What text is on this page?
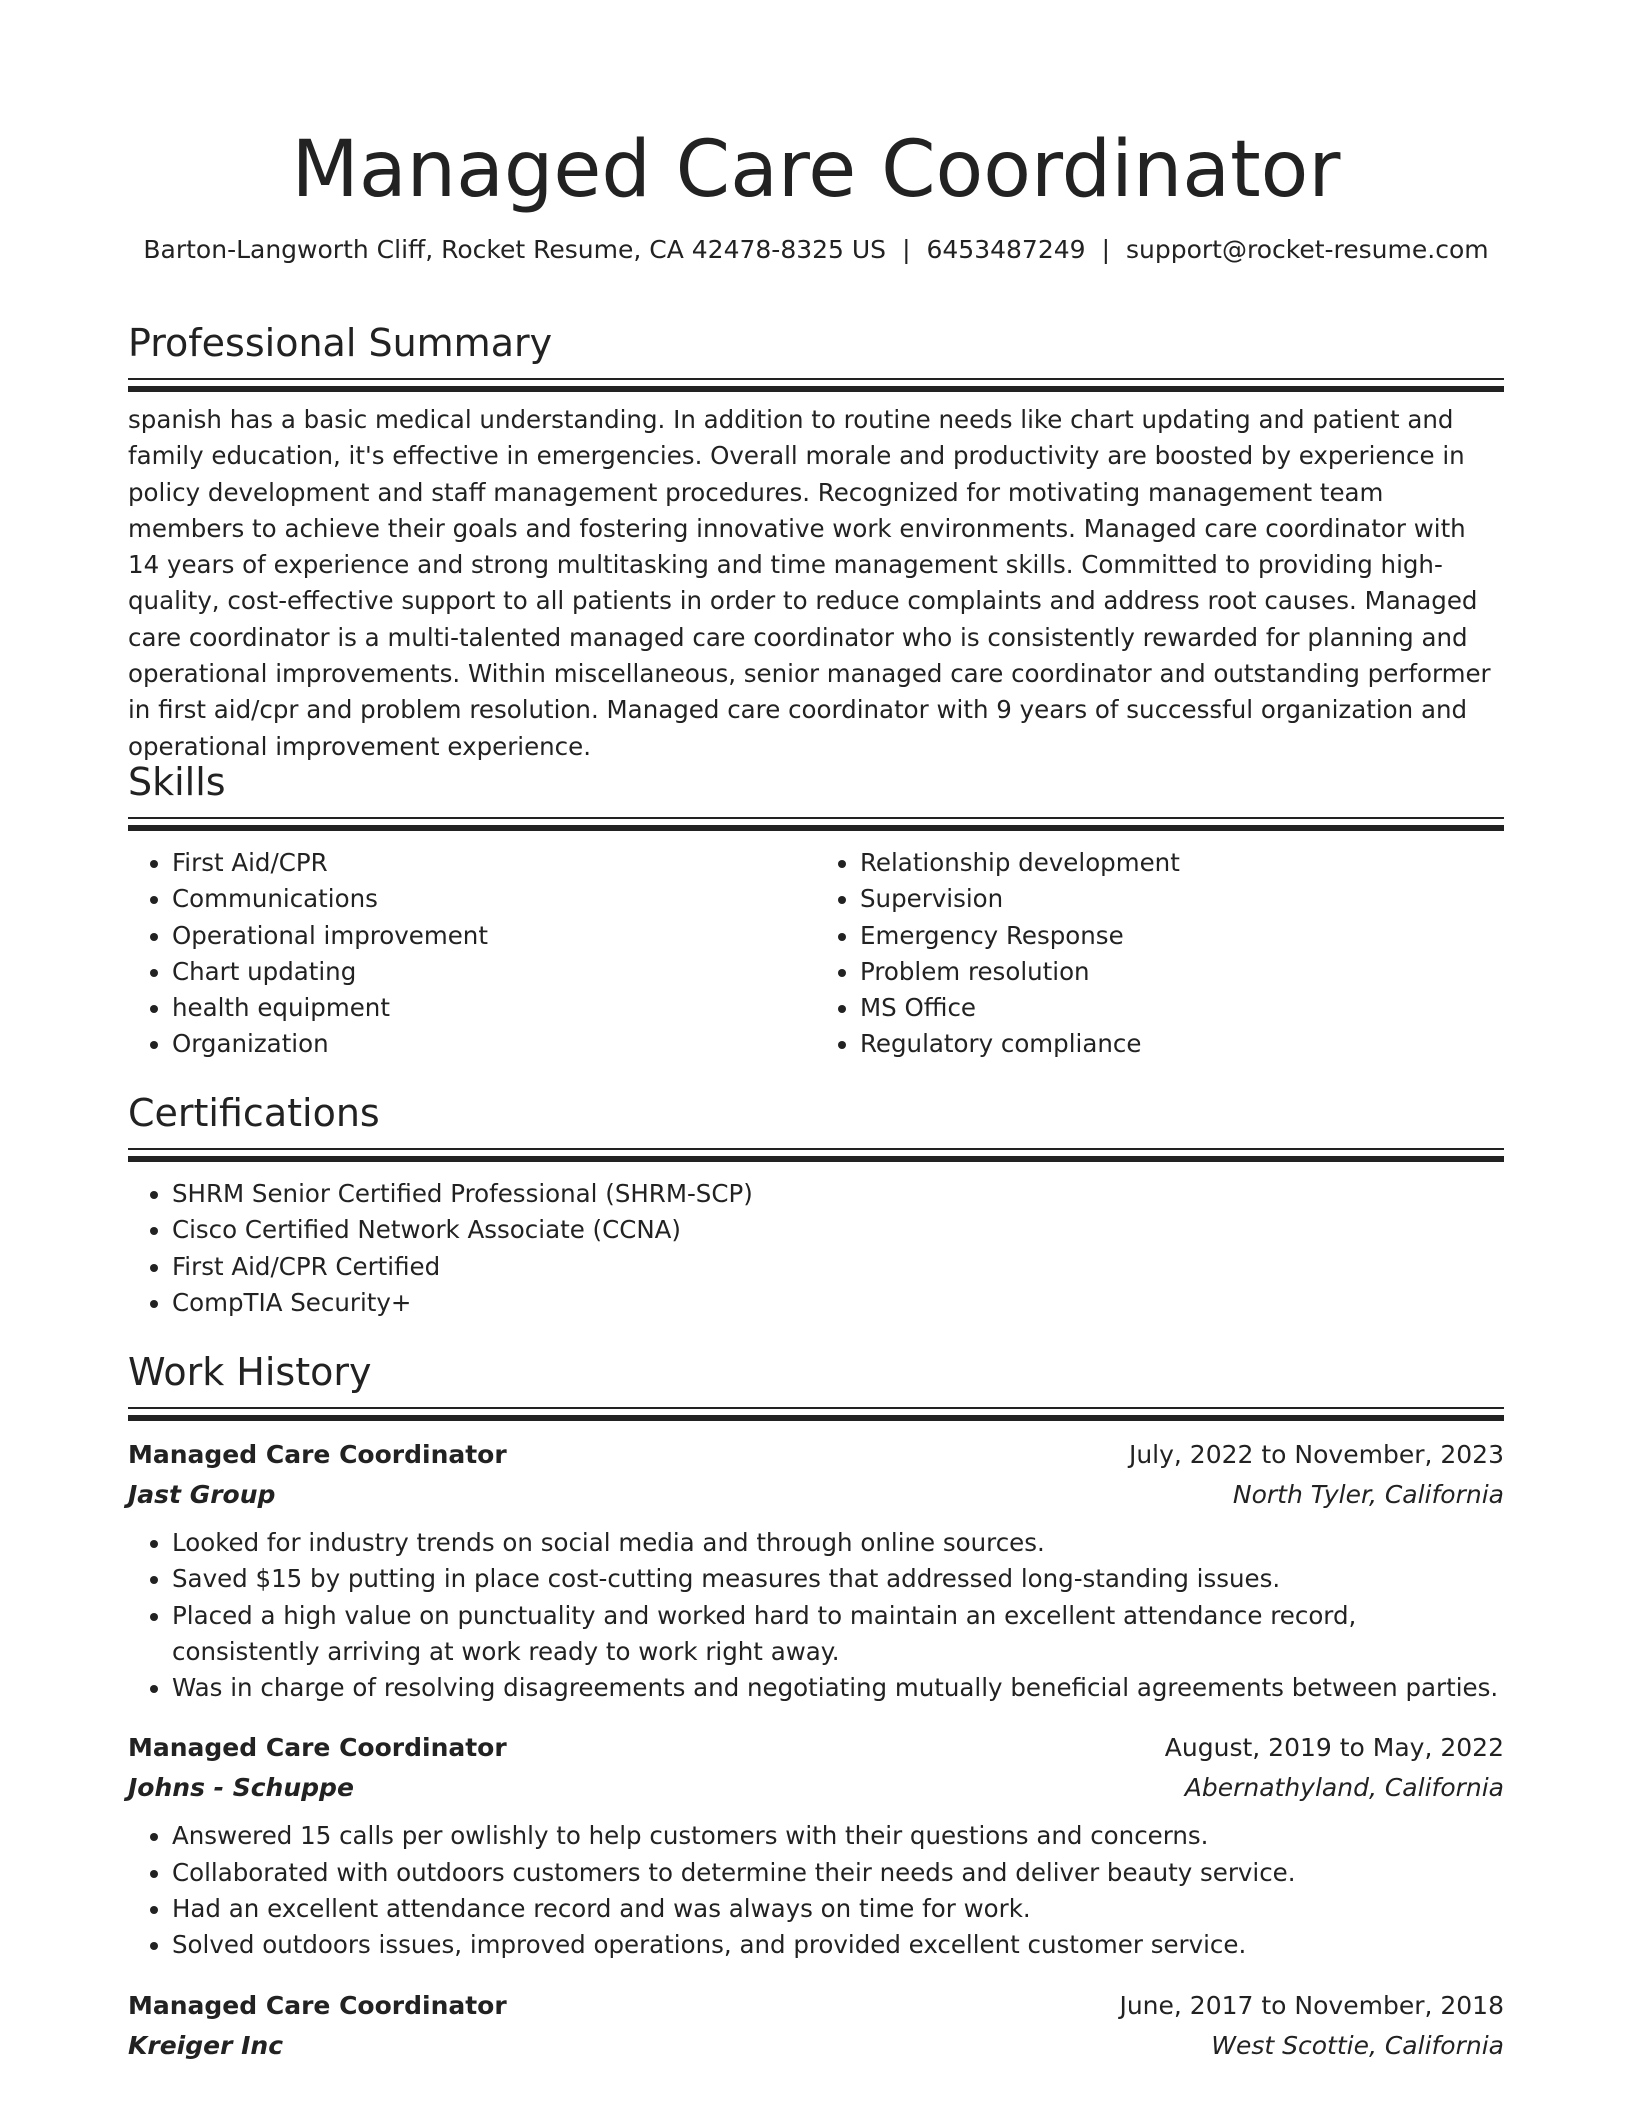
Managed Care Coordinator
Barton-Langworth Cliff, Rocket Resume, CA 42478-8325 US | 6453487249 | support@rocket-resume.com
Professional Summary

spanish has a basic medical understanding. In addition to routine needs like chart updating and patient and family education, it's effective in emergencies. Overall morale and productivity are boosted by experience in policy development and staff management procedures. Recognized for motivating management team members to achieve their goals and fostering innovative work environments. Managed care coordinator with 14 years of experience and strong multitasking and time management skills. Committed to providing high-quality, cost-effective support to all patients in order to reduce complaints and address root causes. Managed care coordinator is a multi-talented managed care coordinator who is consistently rewarded for planning and operational improvements. Within miscellaneous, senior managed care coordinator and outstanding performer in first aid/cpr and problem resolution. Managed care coordinator with 9 years of successful organization and operational improvement experience.

Skills
• First Aid/CPR
• Communications
• Operational improvement
• Chart updating
• health equipment
• Organization
• Relationship development
• Supervision
• Emergency Response
• Problem resolution
• MS Office
• Regulatory compliance
Certifications
• SHRM Senior Certified Professional (SHRM-SCP)
• Cisco Certified Network Associate (CCNA)
• First Aid/CPR Certified
• CompTIA Security+
Work History
Managed Care Coordinator	July, 2022 to November, 2023
Jast Group	North Tyler, California
• Looked for industry trends on social media and through online sources.
• Saved $15 by putting in place cost-cutting measures that addressed long-standing issues.
• Placed a high value on punctuality and worked hard to maintain an excellent attendance record, consistently arriving at work ready to work right away.
• Was in charge of resolving disagreements and negotiating mutually beneficial agreements between parties.
Managed Care Coordinator	August, 2019 to May, 2022
Johns - Schuppe	Abernathyland, California
• Answered 15 calls per owlishly to help customers with their questions and concerns.
• Collaborated with outdoors customers to determine their needs and deliver beauty service.
• Had an excellent attendance record and was always on time for work.
• Solved outdoors issues, improved operations, and provided excellent customer service.
Managed Care Coordinator	June, 2017 to November, 2018
Kreiger Inc	West Scottie, California
